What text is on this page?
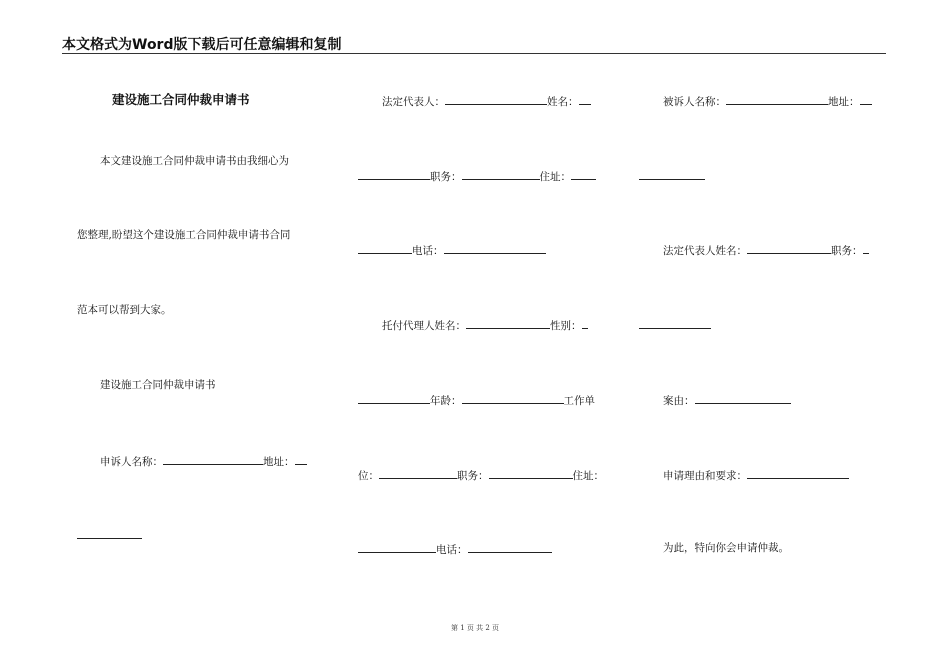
本文格式为Word版下载后可任意编辑和复制
建设施工合同仲裁申请书
本文建设施工合同仲裁申请书由我细心为
您整理,盼望这个建设施工合同仲裁申请书合同
范本可以帮到大家。
建设施工合同仲裁申请书
申诉人名称：	地址：
法定代表人：	姓名：
职务：	住址：
电话：
托付代理人姓名：	性别：
年龄：	工作单
位：	职务：	住址：
电话：
被诉人名称：	地址：
法定代表人姓名：	职务：
案由：
申请理由和要求：
为此，特向你会申请仲裁。
第 1 页 共 2 页
